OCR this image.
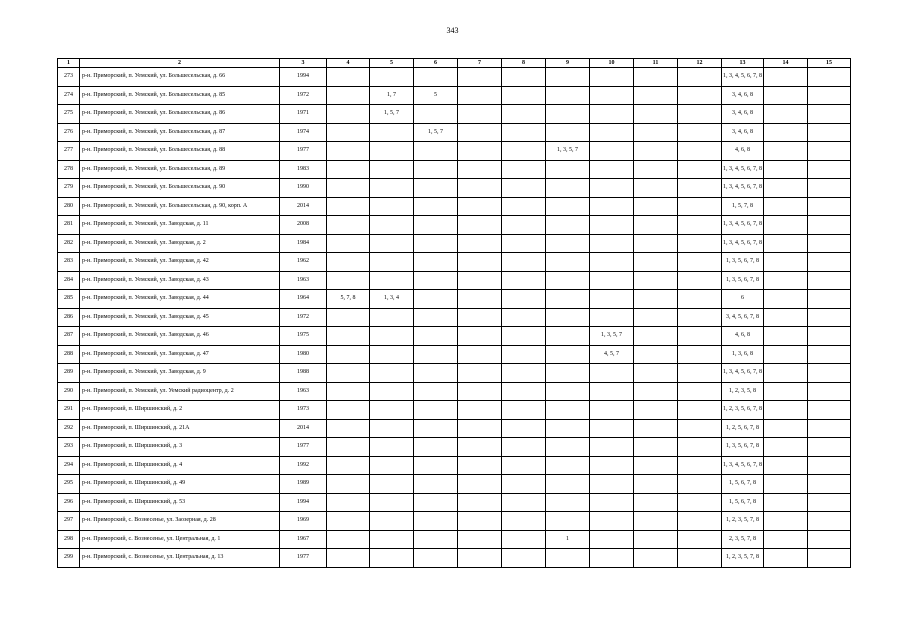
343
1	2	3	4	5	6	7	8	9	10	11	12	13	14	15
273	р-н. Приморский, п. Уемский, ул. Большесельская, д. 66	1994										1, 3, 4, 5, 6, 7, 8		
274	р-н. Приморский, п. Уемский, ул. Большесельская, д. 85	1972		1, 7	5							3, 4, 6, 8		
275	р-н. Приморский, п. Уемский, ул. Большесельская, д. 86	1971		1, 5, 7								3, 4, 6, 8		
276	р-н. Приморский, п. Уемский, ул. Большесельская, д. 87	1974			1, 5, 7							3, 4, 6, 8		
277	р-н. Приморский, п. Уемский, ул. Большесельская, д. 88	1977						1, 3, 5, 7				4, 6, 8		
278	р-н. Приморский, п. Уемский, ул. Большесельская, д. 89	1983										1, 3, 4, 5, 6, 7, 8		
279	р-н. Приморский, п. Уемский, ул. Большесельская, д. 90	1990										1, 3, 4, 5, 6, 7, 8		
280	р-н. Приморский, п. Уемский, ул. Большесельская, д. 90, корп. А	2014										1, 5, 7, 8		
281	р-н. Приморский, п. Уемский, ул. Заводская, д. 11	2008										1, 3, 4, 5, 6, 7, 8		
282	р-н. Приморский, п. Уемский, ул. Заводская, д. 2	1984										1, 3, 4, 5, 6, 7, 8		
283	р-н. Приморский, п. Уемский, ул. Заводская, д. 42	1962										1, 3, 5, 6, 7, 8		
284	р-н. Приморский, п. Уемский, ул. Заводская, д. 43	1963										1, 3, 5, 6, 7, 8		
285	р-н. Приморский, п. Уемский, ул. Заводская, д. 44	1964	5, 7, 8	1, 3, 4								6		
286	р-н. Приморский, п. Уемский, ул. Заводская, д. 45	1972										3, 4, 5, 6, 7, 8		
287	р-н. Приморский, п. Уемский, ул. Заводская, д. 46	1975							1, 3, 5, 7			4, 6, 8		
288	р-н. Приморский, п. Уемский, ул. Заводская, д. 47	1980							4, 5, 7			1, 3, 6, 8		
289	р-н. Приморский, п. Уемский, ул. Заводская, д. 9	1988										1, 3, 4, 5, 6, 7, 8		
290	р-н. Приморский, п. Уемский, ул. Уемский радиоцентр, д. 2	1963										1, 2, 3, 5, 8		
291	р-н. Приморский, п. Ширшинский, д. 2	1973										1, 2, 3, 5, 6, 7, 8		
292	р-н. Приморский, п. Ширшинский, д. 21А	2014										1, 2, 5, 6, 7, 8		
293	р-н. Приморский, п. Ширшинский, д. 3	1977										1, 3, 5, 6, 7, 8		
294	р-н. Приморский, п. Ширшинский, д. 4	1992										1, 3, 4, 5, 6, 7, 8		
295	р-н. Приморский, п. Ширшинский, д. 49	1989										1, 5, 6, 7, 8		
296	р-н. Приморский, п. Ширшинский, д. 53	1994										1, 5, 6, 7, 8		
297	р-н. Приморский, с. Вознесенье, ул. Заозерная, д. 28	1969										1, 2, 3, 5, 7, 8		
298	р-н. Приморский, с. Вознесенье, ул. Центральная, д. 1	1967						1				2, 3, 5, 7, 8		
299	р-н. Приморский, с. Вознесенье, ул. Центральная, д. 13	1977										1, 2, 3, 5, 7, 8		
